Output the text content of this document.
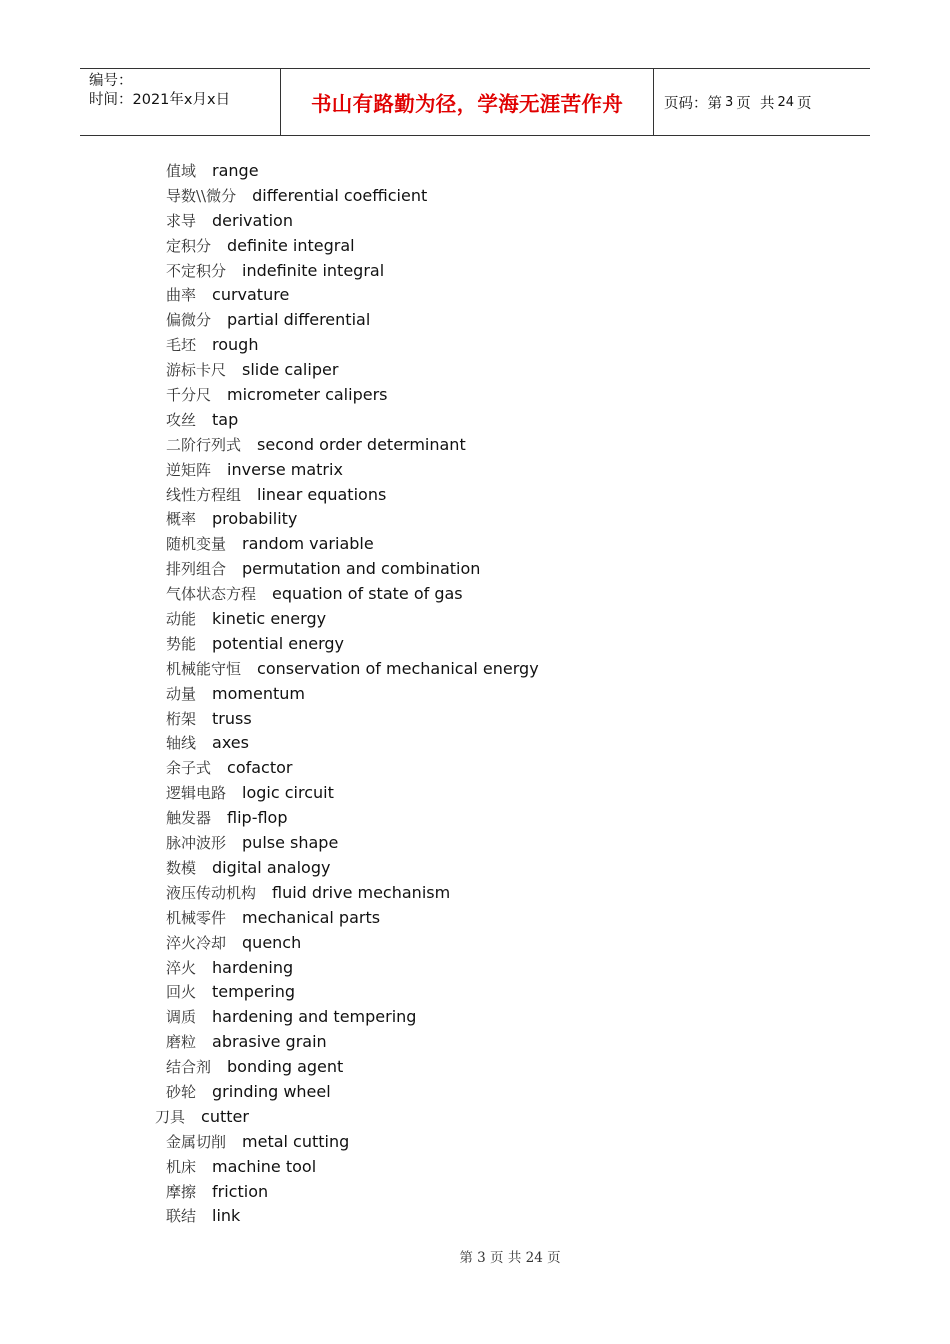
编号：
时间：2021年x月x日	书山有路勤为径，学海无涯苦作舟	页码：第 3 页  共 24 页
值域 range
导数\\微分 differential coefficient
求导 derivation
定积分 definite integral
不定积分 indefinite integral
曲率 curvature
偏微分 partial differential
毛坯 rough
游标卡尺 slide caliper
千分尺 micrometer calipers
攻丝 tap
二阶行列式 second order determinant
逆矩阵 inverse matrix
线性方程组 linear equations
概率 probability
随机变量 random variable
排列组合 permutation and combination
气体状态方程 equation of state of gas
动能 kinetic energy
势能 potential energy
机械能守恒 conservation of mechanical energy
动量 momentum
桁架 truss
轴线 axes
余子式 cofactor
逻辑电路 logic circuit
触发器 flip-flop
脉冲波形 pulse shape
数模 digital analogy
液压传动机构 fluid drive mechanism
机械零件 mechanical parts
淬火冷却 quench
淬火 hardening
回火 tempering
调质 hardening and tempering
磨粒 abrasive grain
结合剂 bonding agent
砂轮 grinding wheel
刀具 cutter
金属切削 metal cutting
机床 machine tool
摩擦 friction
联结 link
第 3 页 共 24 页
